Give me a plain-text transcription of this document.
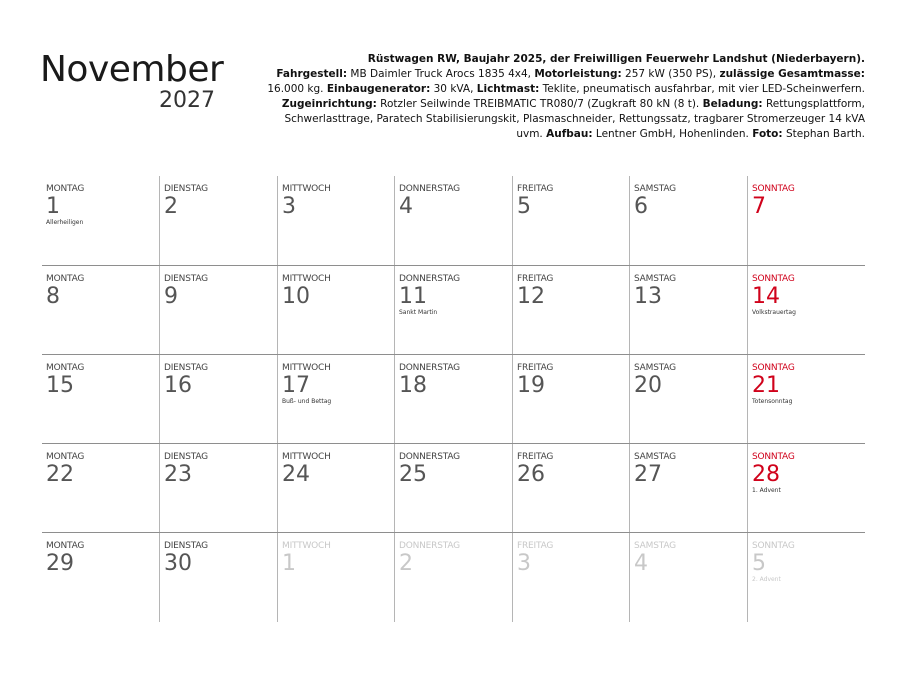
November
2027
Rüstwagen RW, Baujahr 2025, der Freiwilligen Feuerwehr Landshut (Niederbayern).
Fahrgestell: MB Daimler Truck Arocs 1835 4x4, Motorleistung: 257 kW (350 PS), zulässige Gesamtmasse: 16.000 kg. Einbaugenerator: 30 kVA, Lichtmast: Teklite, pneumatisch ausfahrbar, mit vier LED-Scheinwerfern. Zugeinrichtung: Rotzler Seilwinde TREIBMATIC TR080/7 (Zugkraft 80 kN (8 t). Beladung: Rettungsplattform, Schwerlasttrage, Paratech Stabilisierungskit, Plasmaschneider, Rettungssatz, tragbarer Stromerzeuger 14 kVA uvm. Aufbau: Lentner GmbH, Hohenlinden. Foto: Stephan Barth.
MONTAG
1
Allerheiligen
DIENSTAG
2
MITTWOCH
3
DONNERSTAG
4
FREITAG
5
SAMSTAG
6
SONNTAG
7
MONTAG
8
DIENSTAG
9
MITTWOCH
10
DONNERSTAG
11
Sankt Martin
FREITAG
12
SAMSTAG
13
SONNTAG
14
Volkstrauertag
MONTAG
15
DIENSTAG
16
MITTWOCH
17
Buß- und Bettag
DONNERSTAG
18
FREITAG
19
SAMSTAG
20
SONNTAG
21
Totensonntag
MONTAG
22
DIENSTAG
23
MITTWOCH
24
DONNERSTAG
25
FREITAG
26
SAMSTAG
27
SONNTAG
28
1. Advent
MONTAG
29
DIENSTAG
30
MITTWOCH
1
DONNERSTAG
2
FREITAG
3
SAMSTAG
4
SONNTAG
5
2. Advent
